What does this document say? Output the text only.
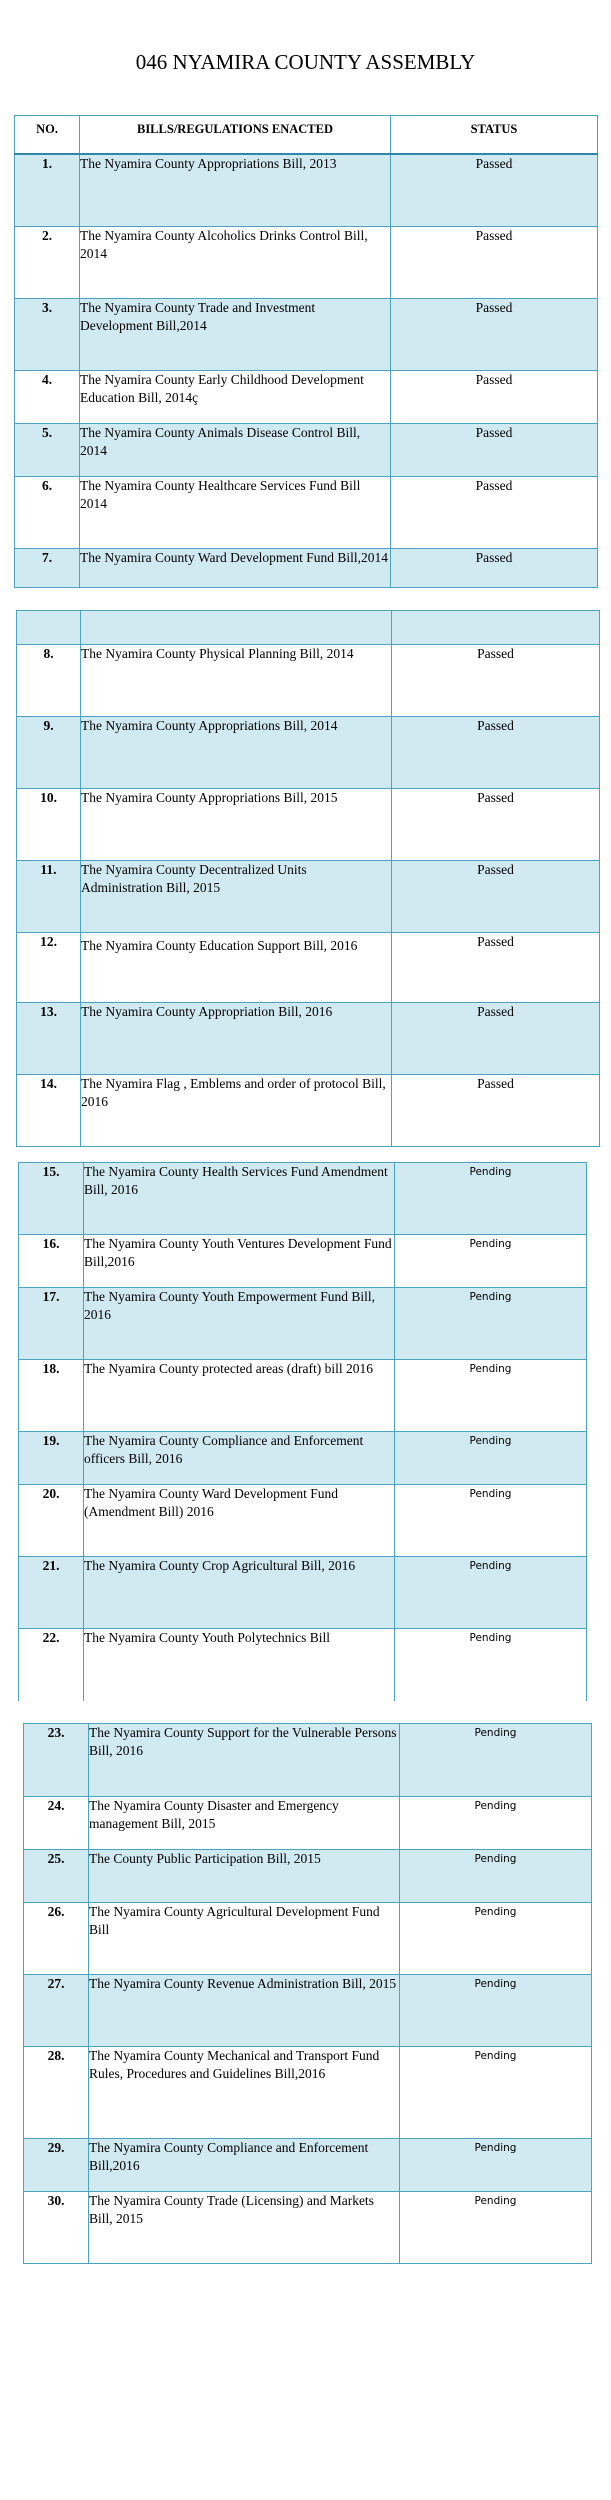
046 NYAMIRA COUNTY ASSEMBLY
NO.	BILLS/REGULATIONS ENACTED	STATUS
1.	The Nyamira County Appropriations Bill, 2013	Passed
2.	The Nyamira County Alcoholics Drinks Control Bill, 2014	Passed
3.	The Nyamira County Trade and Investment Development Bill,2014	Passed
4.	The Nyamira County Early Childhood Development Education Bill, 2014ç	Passed
5.	The Nyamira County Animals Disease Control Bill, 2014	Passed
6.	The Nyamira County Healthcare Services Fund Bill 2014	Passed
7.	The Nyamira County Ward Development Fund Bill,2014	Passed

8.	The Nyamira County Physical Planning Bill, 2014	Passed
9.	The Nyamira County Appropriations Bill, 2014	Passed
10.	The Nyamira County Appropriations Bill, 2015	Passed
11.	The Nyamira County Decentralized Units Administration Bill, 2015	Passed
12.	The Nyamira County Education Support Bill, 2016	Passed
13.	The Nyamira County Appropriation Bill, 2016	Passed
14.	The Nyamira Flag , Emblems and order of protocol Bill, 2016	Passed
15.	The Nyamira County Health Services Fund Amendment Bill, 2016	Pending
16.	The Nyamira County Youth Ventures Development Fund Bill,2016	Pending
17.	The Nyamira County Youth Empowerment Fund Bill, 2016	Pending
18.	The Nyamira County protected areas (draft) bill 2016	Pending
19.	The Nyamira County Compliance and Enforcement officers Bill, 2016	Pending
20.	The Nyamira County Ward Development Fund (Amendment Bill) 2016	Pending
21.	The Nyamira County Crop Agricultural Bill, 2016	Pending
22.	The Nyamira County Youth Polytechnics Bill	Pending
23.	The Nyamira County Support for the Vulnerable Persons Bill, 2016	Pending
24.	The Nyamira County Disaster and Emergency management Bill, 2015	Pending
25.	The County Public Participation Bill, 2015	Pending
26.	The Nyamira County Agricultural Development Fund Bill	Pending
27.	The Nyamira County Revenue Administration Bill, 2015	Pending
28.	The Nyamira County Mechanical and Transport Fund Rules, Procedures and Guidelines Bill,2016	Pending
29.	The Nyamira County Compliance and Enforcement Bill,2016	Pending
30.	The Nyamira County Trade (Licensing) and Markets Bill, 2015	Pending
